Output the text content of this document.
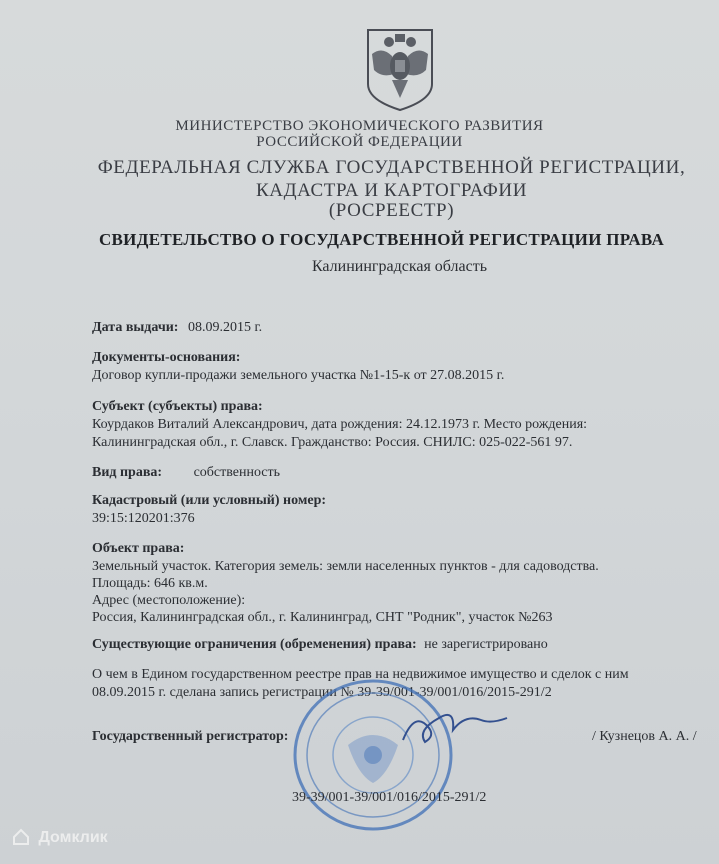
МИНИСТЕРСТВО ЭКОНОМИЧЕСКОГО РАЗВИТИЯ
РОССИЙСКОЙ ФЕДЕРАЦИИ
ФЕДЕРАЛЬНАЯ СЛУЖБА ГОСУДАРСТВЕННОЙ РЕГИСТРАЦИИ,
КАДАСТРА И КАРТОГРАФИИ
(РОСРЕЕСТР)
СВИДЕТЕЛЬСТВО О ГОСУДАРСТВЕННОЙ РЕГИСТРАЦИИ ПРАВА
Калининградская область
Дата выдачи: 08.09.2015 г.
Документы-основания:
Договор купли-продажи земельного участка №1-15-к от 27.08.2015 г.
Субъект (субъекты) права:
Коурдаков Виталий Александрович, дата рождения: 24.12.1973 г. Место рождения:
Калининградская обл., г. Славск. Гражданство: Россия. СНИЛС: 025-022-561 97.
Вид права: собственность
Кадастровый (или условный) номер:
39:15:120201:376
Объект права:
Земельный участок. Категория земель: земли населенных пунктов - для садоводства.
Площадь: 646 кв.м.
Адрес (местоположение):
Россия, Калининградская обл., г. Калининград, СНТ "Родник", участок №263
Существующие ограничения (обременения) права: не зарегистрировано
О чем в Едином государственном реестре прав на недвижимое имущество и сделок с ним
08.09.2015 г. сделана запись регистрации № 39-39/001-39/001/016/2015-291/2
Государственный регистратор:	/ Кузнецов А. А. /
39-39/001-39/001/016/2015-291/2
Домклик
